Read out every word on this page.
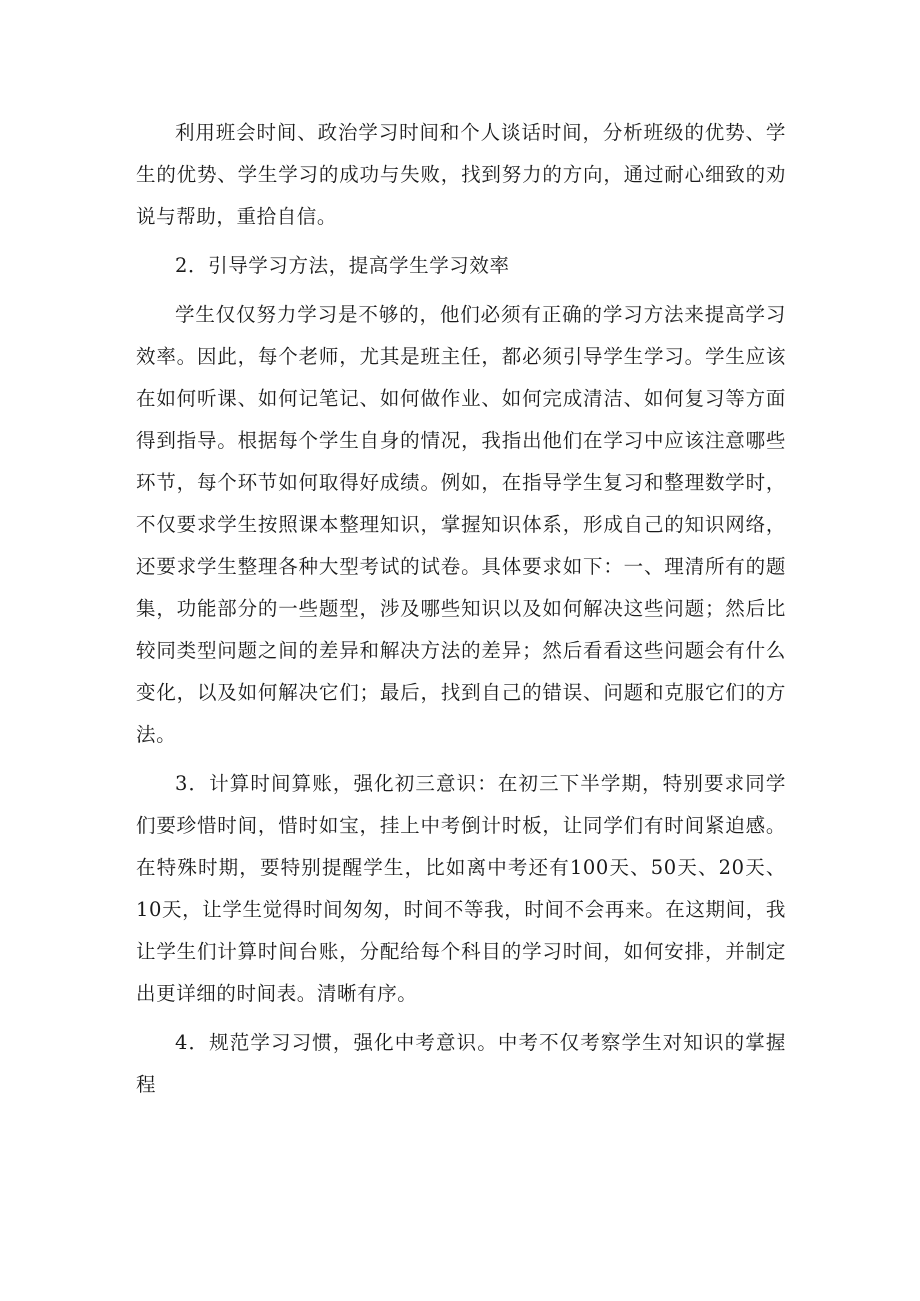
利用班会时间、政治学习时间和个人谈话时间，分析班级的优势、学生的优势、学生学习的成功与失败，找到努力的方向，通过耐心细致的劝说与帮助，重拾自信。

2．引导学习方法，提高学生学习效率

学生仅仅努力学习是不够的，他们必须有正确的学习方法来提高学习效率。因此，每个老师，尤其是班主任，都必须引导学生学习。学生应该在如何听课、如何记笔记、如何做作业、如何完成清洁、如何复习等方面得到指导。根据每个学生自身的情况，我指出他们在学习中应该注意哪些环节，每个环节如何取得好成绩。例如，在指导学生复习和整理数学时，不仅要求学生按照课本整理知识，掌握知识体系，形成自己的知识网络，还要求学生整理各种大型考试的试卷。具体要求如下：一、理清所有的题集，功能部分的一些题型，涉及哪些知识以及如何解决这些问题；然后比较同类型问题之间的差异和解决方法的差异；然后看看这些问题会有什么变化，以及如何解决它们；最后，找到自己的错误、问题和克服它们的方法。

3．计算时间算账，强化初三意识：在初三下半学期，特别要求同学们要珍惜时间，惜时如宝，挂上中考倒计时板，让同学们有时间紧迫感。在特殊时期，要特别提醒学生，比如离中考还有100天、50天、20天、10天，让学生觉得时间匆匆，时间不等我，时间不会再来。在这期间，我让学生们计算时间台账，分配给每个科目的学习时间，如何安排，并制定出更详细的时间表。清晰有序。

4．规范学习习惯，强化中考意识。中考不仅考察学生对知识的掌握程
